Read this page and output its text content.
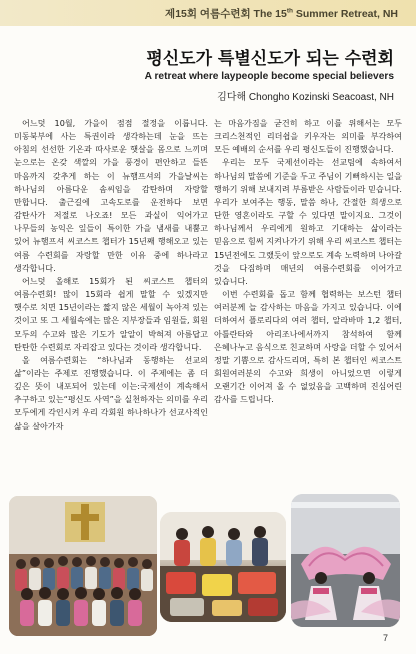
제15회 여름수련회 The 15th Summer Retreat, NH
평신도가 특별신도가 되는 수련회
A retreat where laypeople become special believers
김다해 Chongho Kozinski Seacoast, NH

어느덧 10월, 가을이 점점 절정을 이룹니다. 미동북부에 사는 특권이라 생각하는데 눈을 뜨는 아침의 선선한 기온과 따사로운 햇살을 몸으로 느끼며 눈으로는 온갖 색깔의 가을 풍경이 편안하고 들뜬 마음까지 갖추게 하는 이 뉴햄프셔의 가을날씨는 하나님의 아름다운 솜씨임을 감탄하며 자랑할 만합니다. 출근길에 고속도로를 운전하다 보면 감탄사가 저절로 나오죠! 모든 과실이 익어가고 나무들의 농익은 잎들이 특이한 가을 냄새를 내뿜고 있어 뉴햄프셔 씨코스트 챕터가 15년째 행해오고 있는 여름 수련회를 자랑할 만한 이유 중에 하나라고 생각합니다.

어느덧 올해로 15회가 된 씨코스트 챕터의 여름수련회! 많이 15회라 쉽게 말할 수 있겠지만 햇수로 치면 15년이라는 짧지 않은 세월이 녹아져 있는 것이고 또 그 세월속에는 많은 지부장들과 임원들, 회원 모두의 수고와 많은 기도가 알알이 박혀져 아름답고 탄탄한 수련회로 자리잡고 있다는 것이라 생각합니다.

올 여름수련회는 “하나님과 동행하는 선교의 삶”이라는 주제로 진행했습니다. 이 주제에는 좀 더 깊은 뜻이 내포되어 있는데 이는:국제선이 계속해서 추구하고 있는“평신도 사역”을 실천하자는 의미를 우리 모두에게 각인시켜 우리 각회원 하나하나가 선교사적인 삶을 살아가자

는 마음가짐을 굳건히 하고 이를 위해서는 모두 크리스천적인 리더쉽을 키우자는 의미를 부각하여 모든 예배의 순서를 우리 평신도들이 진행했습니다.

우리는 모두 국제선이라는 선교팀에 속하여서 하나님의 말씀에 기준을 두고 주님이 기뻐하시는 일을 행하기 위해 보내지려 부름받은 사람들이라 믿습니다. 우리가 보여주는 행동, 말씀 하나, 간절한 희생으로 단한 영혼이라도 구할 수 있다면 말이지요. 그것이 하나님께서 우리에게 원하고 기대하는 삶이라는 믿음으로 힘써 지켜나가기 위해 우리 씨코스트 챕터는 15년전에도 그랬듯이 앞으로도 계속 노력하며 나아갈 것을 다짐하며 매년의 여름수련회를 이어가고 있습니다.

이번 수련회를 돕고 함께 협력하는 보스턴 챕터 여러분께 늘 감사하는 마음을 가지고 있습니다. 이에 더하여서 플로리다의 여러 챕터, 알라바마 1,2 챕터, 아틀란타와 아리조나에서까지 참석하여 함께 은혜나누고 음식으로 친교하며 사랑을 더할 수 있어서 정말 기쁨으로 감사드리며, 특히 본 챕터인 씨코스트 회원여러분의 수고와 희생이 아니었으면 이렇게 오랜기간 이어져 올 수 없었음을 고백하며 진심어린 감사를 드립니다.

7
